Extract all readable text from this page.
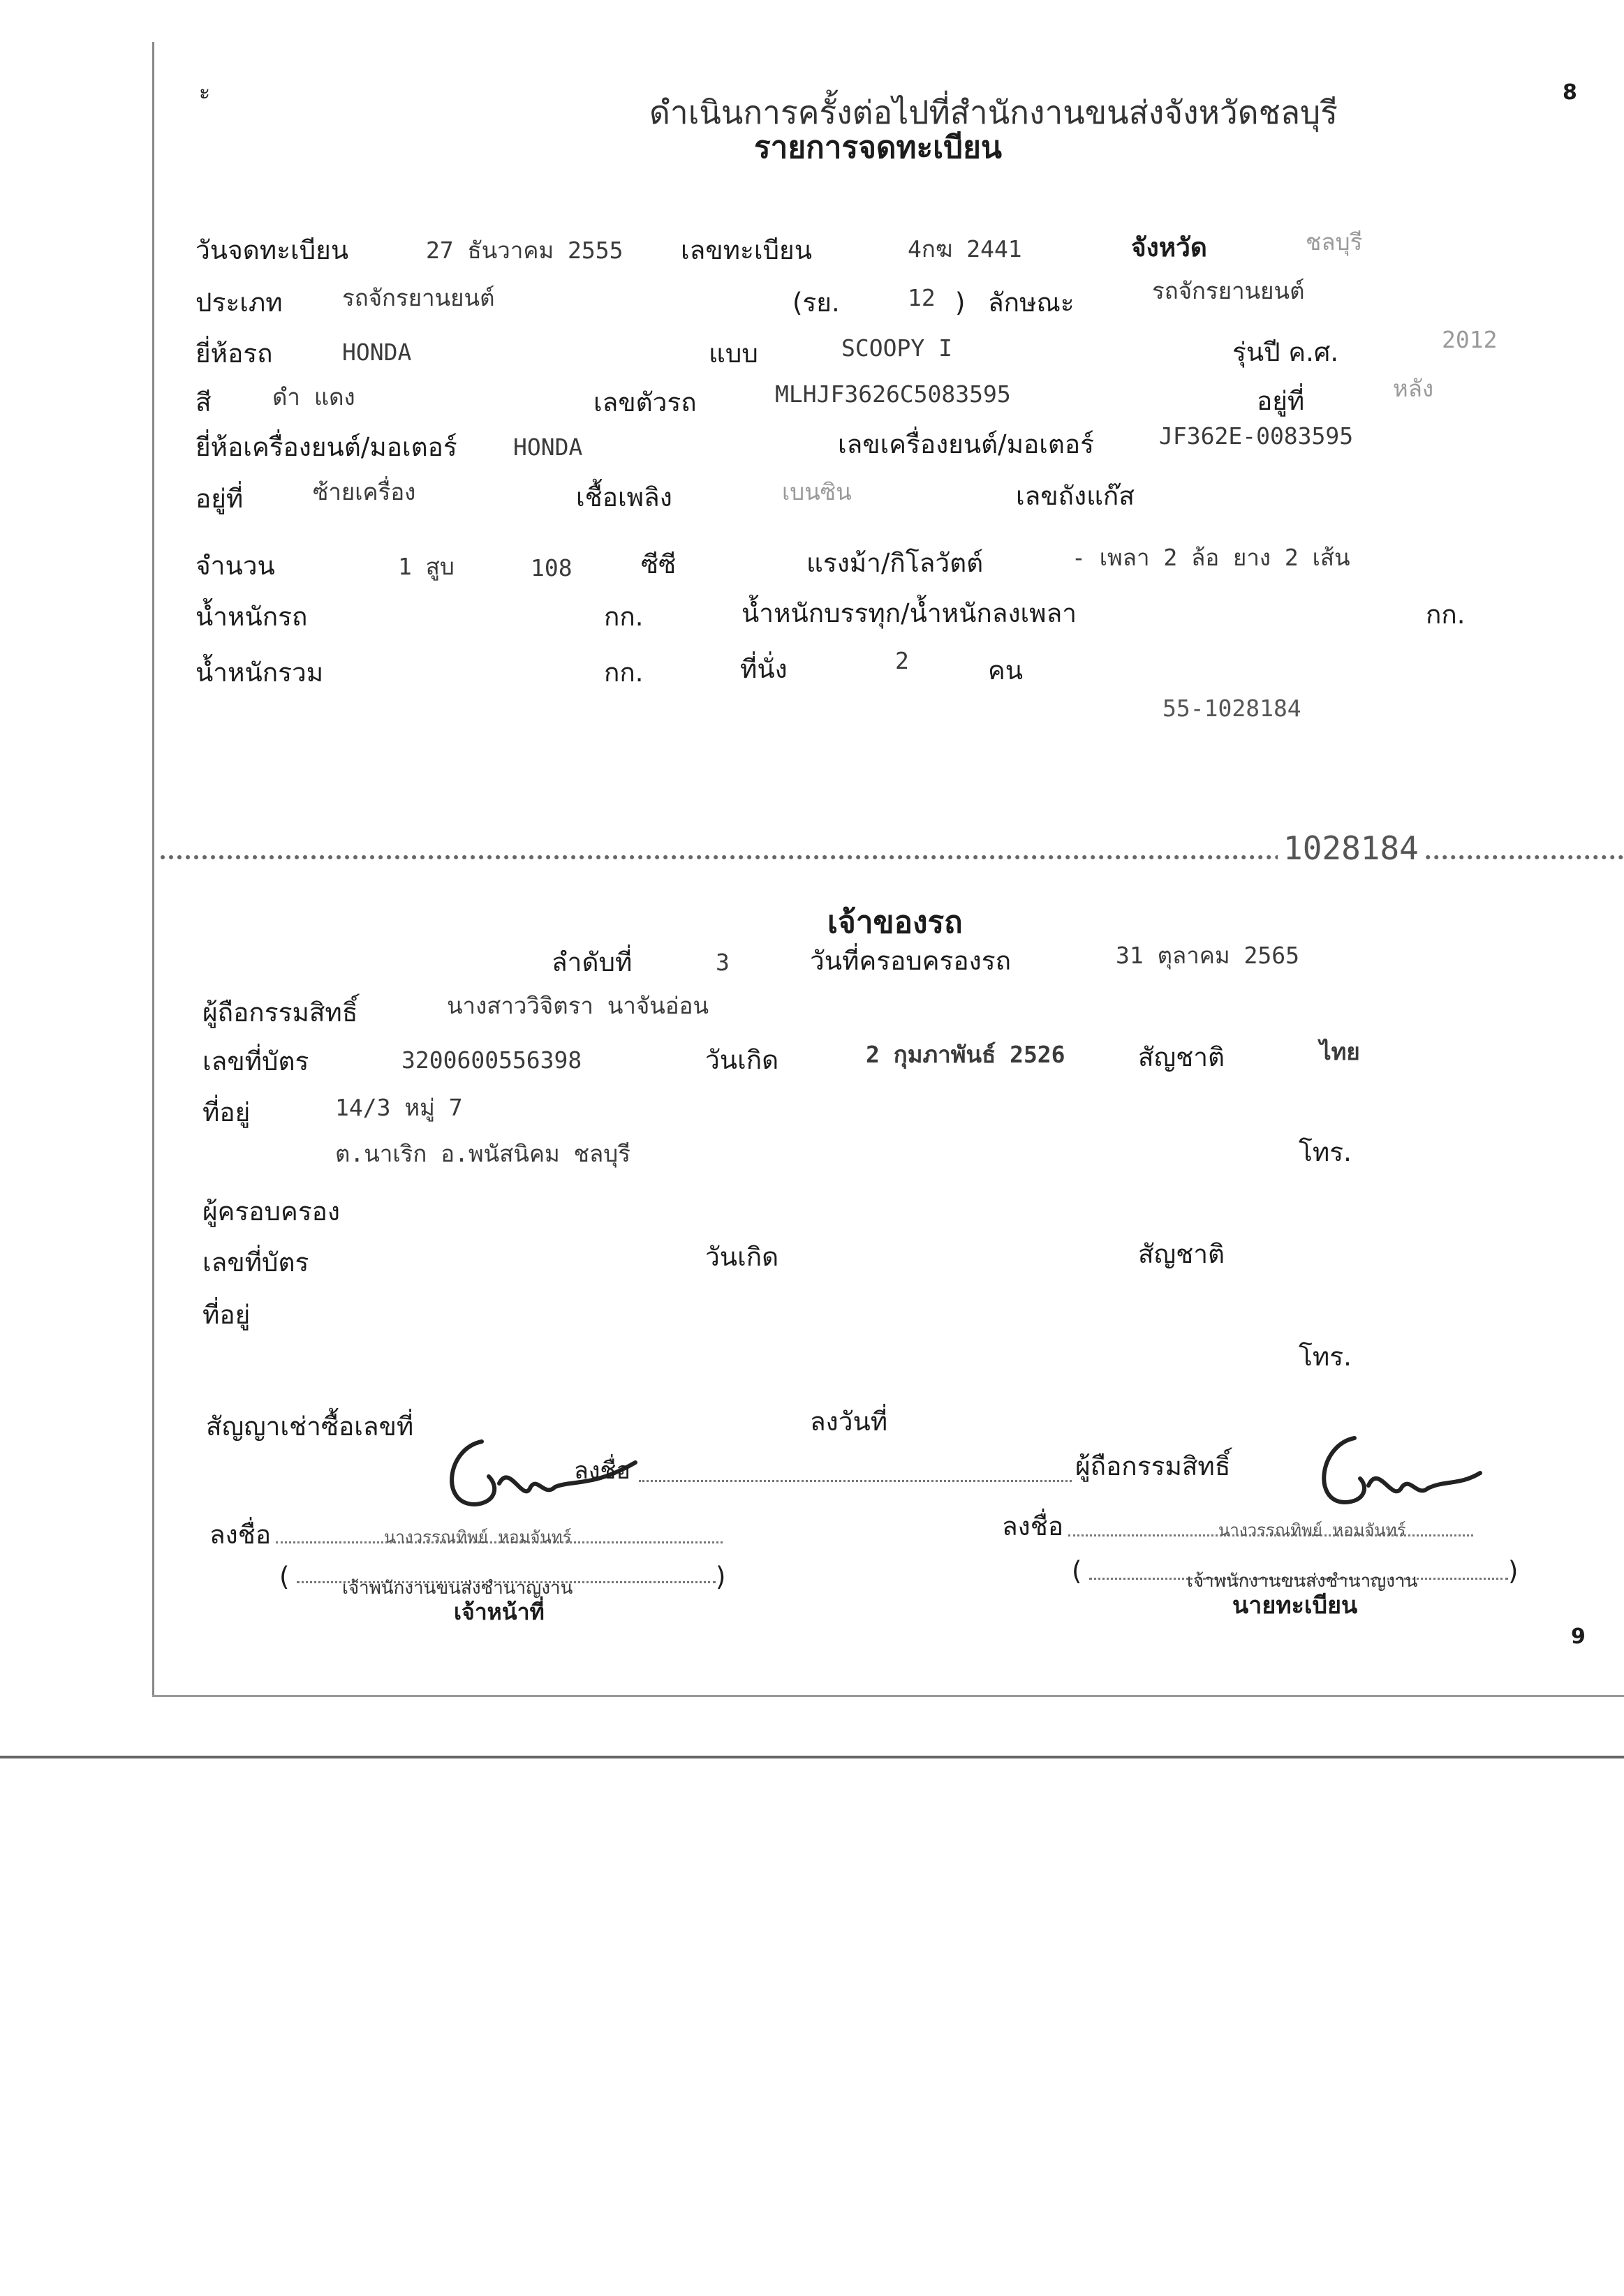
ะ	8
ดำเนินการครั้งต่อไปที่สำนักงานขนส่งจังหวัดชลบุรี
รายการจดทะเบียน
วันจดทะเบียน	27 ธันวาคม 2555 เลขทะเบียน	4กฆ 2441	จังหวัด	ชลบุรี
ประเภท	รถจักรยานยนต์	(รย.	12 ) ลักษณะ	รถจักรยานยนต์
ยี่ห้อรถ	HONDA	แบบ	SCOOPY I	รุ่นปี ค.ศ.	2012
สี	ดำ แดง	เลขตัวรถ	MLHJF3626C5083595	อยู่ที่	หลัง
ยี่ห้อเครื่องยนต์/มอเตอร์ HONDA	เลขเครื่องยนต์/มอเตอร์	JF362E-0083595
อยู่ที่	ซ้ายเครื่อง	เชื้อเพลิง	เบนซิน	เลขถังแก๊ส
จำนวน	1 สูบ	108	ซีซี	แรงม้า/กิโลวัตต์	- เพลา 2 ล้อ ยาง 2 เส้น
น้ำหนักรถ	กก.	น้ำหนักบรรทุก/น้ำหนักลงเพลา	กก.
น้ำหนักรวม	กก.	ที่นั่ง	2	คน
55-1028184
1028184
เจ้าของรถ
ลำดับที่	3	วันที่ครอบครองรถ	31 ตุลาคม 2565
ผู้ถือกรรมสิทธิ์	นางสาววิจิตรา นาจันอ่อน
เลขที่บัตร	3200600556398	วันเกิด	2 กุมภาพันธ์ 2526	สัญชาติ	ไทย
ที่อยู่	14/3 หมู่ 7
ต.นาเริก อ.พนัสนิคม ชลบุรี	โทร.
ผู้ครอบครอง
เลขที่บัตร	วันเกิด	สัญชาติ
ที่อยู่
โทร.
สัญญาเช่าซื้อเลขที่	ลงวันที่
ลงชื่อ	ผู้ถือกรรมสิทธิ์
ลงชื่อ	นางวรรณทิพย์ หอมจันทร์
(	เจ้าพนักงานขนส่งชำนาญงาน	)
เจ้าหน้าที่
ลงชื่อ	นางวรรณทิพย์ หอมจันทร์
(	เจ้าพนักงานขนส่งชำนาญงาน	)
นายทะเบียน
9
